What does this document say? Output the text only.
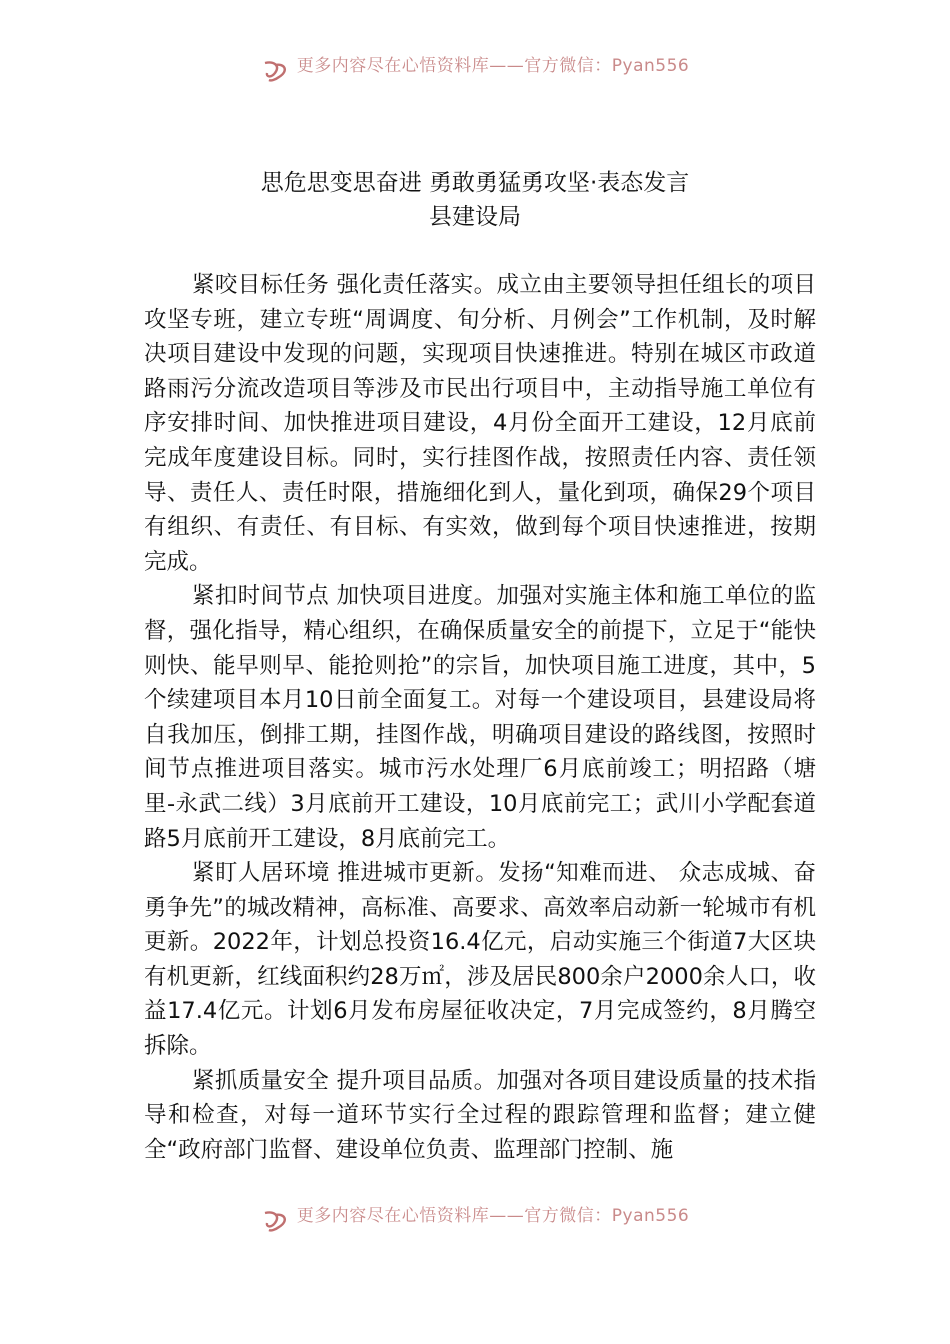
更多内容尽在心悟资料库——官方微信：Pyan556
思危思变思奋进 勇敢勇猛勇攻坚·表态发言
县建设局

紧咬目标任务 强化责任落实。成立由主要领导担任组长的项目攻坚专班，建立专班“周调度、旬分析、月例会”工作机制，及时解决项目建设中发现的问题，实现项目快速推进。特别在城区市政道路雨污分流改造项目等涉及市民出行项目中，主动指导施工单位有序安排时间、加快推进项目建设，4月份全面开工建设，12月底前完成年度建设目标。同时，实行挂图作战，按照责任内容、责任领导、责任人、责任时限，措施细化到人，量化到项，确保29个项目有组织、有责任、有目标、有实效，做到每个项目快速推进，按期完成。

紧扣时间节点 加快项目进度。加强对实施主体和施工单位的监督，强化指导，精心组织，在确保质量安全的前提下，立足于“能快则快、能早则早、能抢则抢”的宗旨，加快项目施工进度，其中，5个续建项目本月10日前全面复工。对每一个建设项目，县建设局将自我加压，倒排工期，挂图作战，明确项目建设的路线图，按照时间节点推进项目落实。城市污水处理厂6月底前竣工；明招路（塘里-永武二线）3月底前开工建设，10月底前完工；武川小学配套道路5月底前开工建设，8月底前完工。

紧盯人居环境 推进城市更新。发扬“知难而进、 众志成城、奋勇争先”的城改精神，高标准、高要求、高效率启动新一轮城市有机更新。2022年，计划总投资16.4亿元，启动实施三个街道7大区块有机更新，红线面积约28万㎡，涉及居民800余户2000余人口，收益17.4亿元。计划6月发布房屋征收决定，7月完成签约，8月腾空拆除。

紧抓质量安全 提升项目品质。加强对各项目建设质量的技术指导和检查，对每一道环节实行全过程的跟踪管理和监督；建立健全“政府部门监督、建设单位负责、监理部门控制、施

更多内容尽在心悟资料库——官方微信：Pyan556
